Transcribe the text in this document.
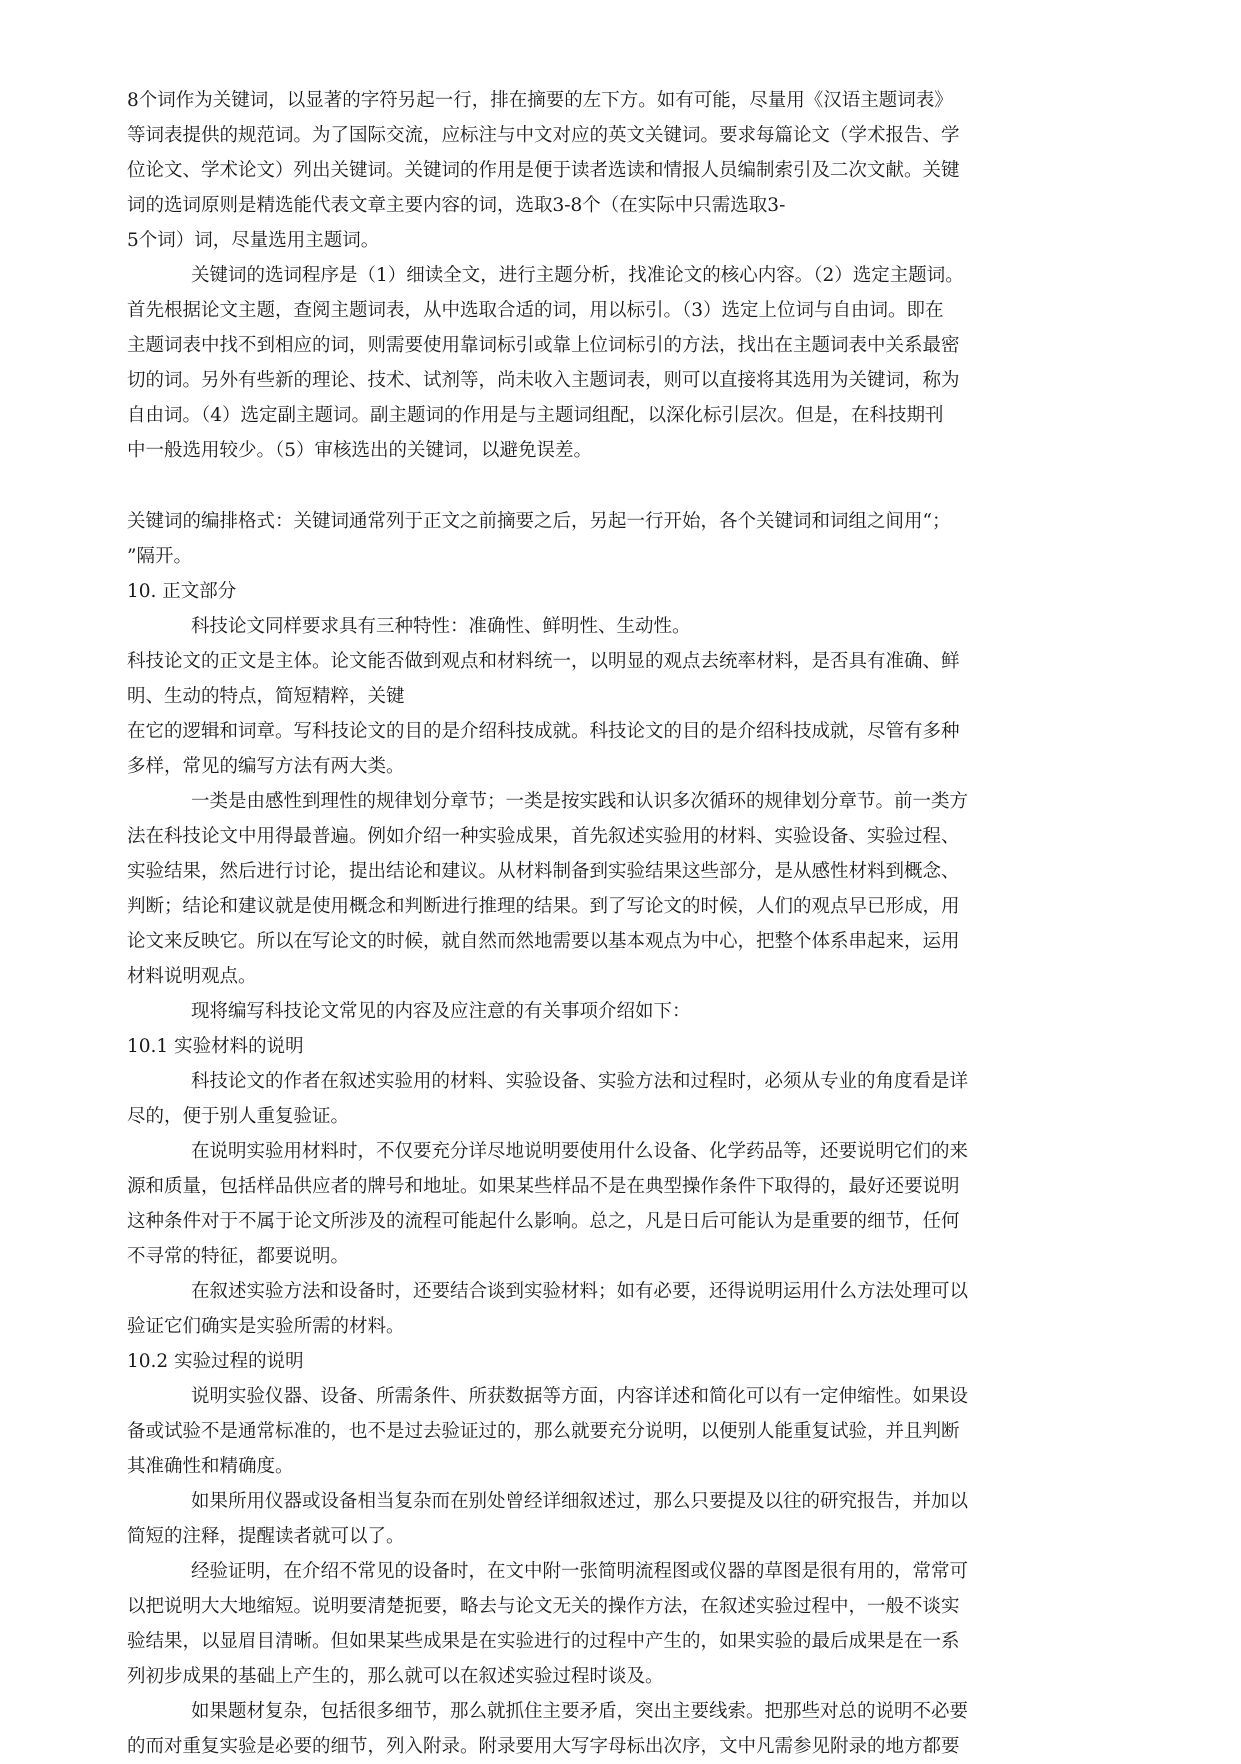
8个词作为关键词，以显著的字符另起一行，排在摘要的左下方。如有可能，尽量用《汉语主题词表》
等词表提供的规范词。为了国际交流，应标注与中文对应的英文关键词。要求每篇论文（学术报告、学
位论文、学术论文）列出关键词。关键词的作用是便于读者选读和情报人员编制索引及二次文献。关键
词的选词原则是精选能代表文章主要内容的词，选取3-8个（在实际中只需选取3-
5个词）词，尽量选用主题词。
关键词的选词程序是（1）细读全文，进行主题分析，找准论文的核心内容。（2）选定主题词。
首先根据论文主题，查阅主题词表，从中选取合适的词，用以标引。（3）选定上位词与自由词。即在
主题词表中找不到相应的词，则需要使用靠词标引或靠上位词标引的方法，找出在主题词表中关系最密
切的词。另外有些新的理论、技术、试剂等，尚未收入主题词表，则可以直接将其选用为关键词，称为
自由词。（4）选定副主题词。副主题词的作用是与主题词组配，以深化标引层次。但是，在科技期刊
中一般选用较少。（5）审核选出的关键词，以避免误差。
关键词的编排格式：关键词通常列于正文之前摘要之后，另起一行开始，各个关键词和词组之间用“；
”隔开。
10. 正文部分
科技论文同样要求具有三种特性：准确性、鲜明性、生动性。
科技论文的正文是主体。论文能否做到观点和材料统一，以明显的观点去统率材料，是否具有准确、鲜
明、生动的特点，简短精粹，关键
在它的逻辑和词章。写科技论文的目的是介绍科技成就。科技论文的目的是介绍科技成就，尽管有多种
多样，常见的编写方法有两大类。
一类是由感性到理性的规律划分章节；一类是按实践和认识多次循环的规律划分章节。前一类方
法在科技论文中用得最普遍。例如介绍一种实验成果，首先叙述实验用的材料、实验设备、实验过程、
实验结果，然后进行讨论，提出结论和建议。从材料制备到实验结果这些部分，是从感性材料到概念、
判断；结论和建议就是使用概念和判断进行推理的结果。到了写论文的时候，人们的观点早已形成，用
论文来反映它。所以在写论文的时候，就自然而然地需要以基本观点为中心，把整个体系串起来，运用
材料说明观点。
现将编写科技论文常见的内容及应注意的有关事项介绍如下：
10.1 实验材料的说明
科技论文的作者在叙述实验用的材料、实验设备、实验方法和过程时，必须从专业的角度看是详
尽的，便于别人重复验证。
在说明实验用材料时，不仅要充分详尽地说明要使用什么设备、化学药品等，还要说明它们的来
源和质量，包括样品供应者的牌号和地址。如果某些样品不是在典型操作条件下取得的，最好还要说明
这种条件对于不属于论文所涉及的流程可能起什么影响。总之，凡是日后可能认为是重要的细节，任何
不寻常的特征，都要说明。
在叙述实验方法和设备时，还要结合谈到实验材料；如有必要，还得说明运用什么方法处理可以
验证它们确实是实验所需的材料。
10.2 实验过程的说明
说明实验仪器、设备、所需条件、所获数据等方面，内容详述和简化可以有一定伸缩性。如果设
备或试验不是通常标准的，也不是过去验证过的，那么就要充分说明，以便别人能重复试验，并且判断
其准确性和精确度。
如果所用仪器或设备相当复杂而在别处曾经详细叙述过，那么只要提及以往的研究报告，并加以
简短的注释，提醒读者就可以了。
经验证明，在介绍不常见的设备时，在文中附一张简明流程图或仪器的草图是很有用的，常常可
以把说明大大地缩短。说明要清楚扼要，略去与论文无关的操作方法，在叙述实验过程中，一般不谈实
验结果，以显眉目清晰。但如果某些成果是在实验进行的过程中产生的，如果实验的最后成果是在一系
列初步成果的基础上产生的，那么就可以在叙述实验过程时谈及。
如果题材复杂，包括很多细节，那么就抓住主要矛盾，突出主要线索。把那些对总的说明不必要
的而对重复实验是必要的细节，列入附录。附录要用大写字母标出次序，文中凡需参见附录的地方都要
